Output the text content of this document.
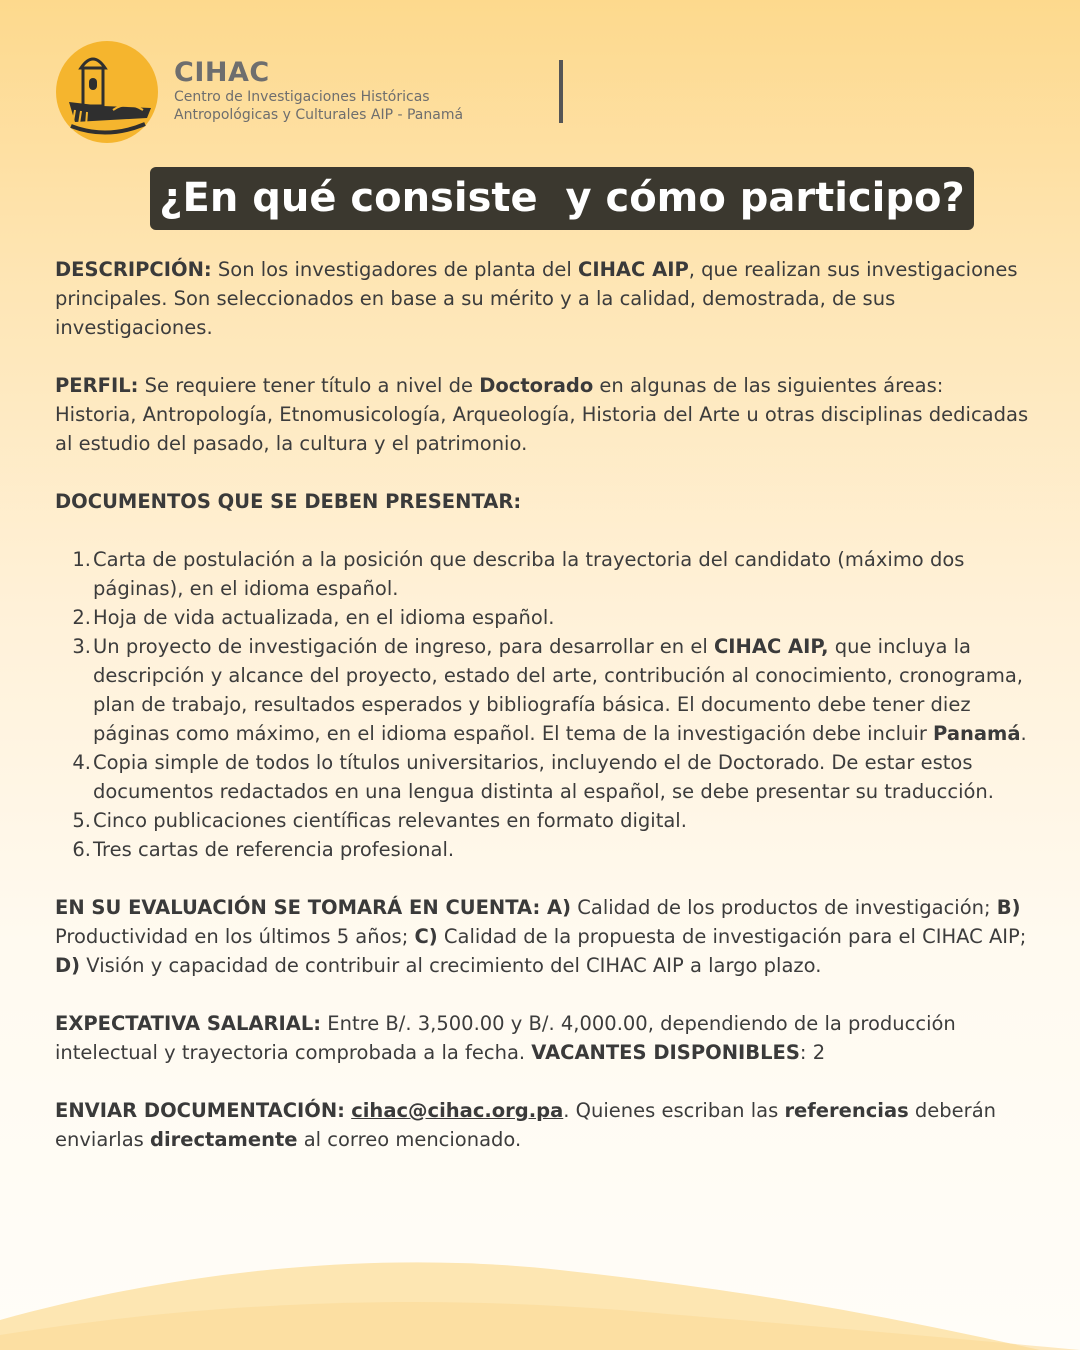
CIHAC
Centro de Investigaciones Históricas
Antropológicas y Culturales AIP - Panamá
¿En qué consiste  y cómo participo?

DESCRIPCIÓN: Son los investigadores de planta del CIHAC AIP, que realizan sus investigaciones principales. Son seleccionados en base a su mérito y a la calidad, demostrada, de sus investigaciones.

PERFIL: Se requiere tener título a nivel de Doctorado en algunas de las siguientes áreas: Historia, Antropología, Etnomusicología, Arqueología, Historia del Arte u otras disciplinas dedicadas al estudio del pasado, la cultura y el patrimonio.

DOCUMENTOS QUE SE DEBEN PRESENTAR:

1. Carta de postulación a la posición que describa la trayectoria del candidato (máximo dos páginas), en el idioma español.
2. Hoja de vida actualizada, en el idioma español.
3. Un proyecto de investigación de ingreso, para desarrollar en el CIHAC AIP, que incluya la descripción y alcance del proyecto, estado del arte, contribución al conocimiento, cronograma, plan de trabajo, resultados esperados y bibliografía básica. El documento debe tener diez páginas como máximo, en el idioma español. El tema de la investigación debe incluir Panamá.
4. Copia simple de todos lo títulos universitarios, incluyendo el de Doctorado. De estar estos documentos redactados en una lengua distinta al español, se debe presentar su traducción.
5. Cinco publicaciones científicas relevantes en formato digital.
6. Tres cartas de referencia profesional.

EN SU EVALUACIÓN SE TOMARÁ EN CUENTA: A) Calidad de los productos de investigación; B) Productividad en los últimos 5 años; C) Calidad de la propuesta de investigación para el CIHAC AIP; D) Visión y capacidad de contribuir al crecimiento del CIHAC AIP a largo plazo.

EXPECTATIVA SALARIAL: Entre B/. 3,500.00 y B/. 4,000.00, dependiendo de la producción intelectual y trayectoria comprobada a la fecha. VACANTES DISPONIBLES: 2

ENVIAR DOCUMENTACIÓN: cihac@cihac.org.pa. Quienes escriban las referencias deberán enviarlas directamente al correo mencionado.
